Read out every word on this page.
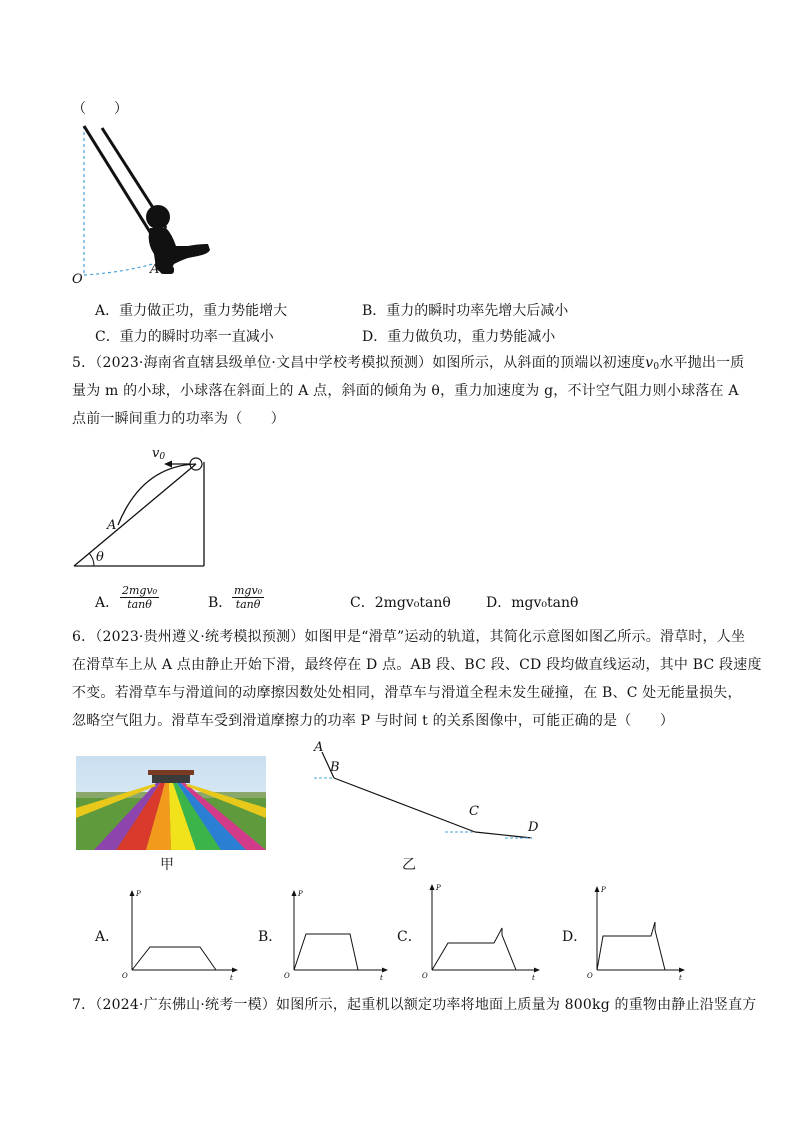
（　　）
O
A
A．重力做正功，重力势能增大	B．重力的瞬时功率先增大后减小
C．重力的瞬时功率一直减小	D．重力做负功，重力势能减小
5．（2023·海南省直辖县级单位·文昌中学校考模拟预测）如图所示，从斜面的顶端以初速度$v_0$水平抛出一质
量为 m 的小球，小球落在斜面上的 A 点，斜面的倾角为 θ，重力加速度为 g，不计空气阻力则小球落在 A
点前一瞬间重力的功率为（　　）
$v_0$
A
θ
A．
2mgv₀
tanθ	B．
mgv₀
tanθ	C．2mgv₀tanθ	D．mgv₀tanθ
6．（2023·贵州遵义·统考模拟预测）如图甲是“滑草”运动的轨道，其简化示意图如图乙所示。滑草时，人坐
在滑草车上从 A 点由静止开始下滑，最终停在 D 点。AB 段、BC 段、CD 段均做直线运动，其中 BC 段速度
不变。若滑草车与滑道间的动摩擦因数处处相同，滑草车与滑道全程未发生碰撞，在 B、C 处无能量损失，
忽略空气阻力。滑草车受到滑道摩擦力的功率 P 与时间 t 的关系图像中，可能正确的是（　　）
甲
A
B
C
D
乙
A．
P
t
O
B．
P
t
O
C．
P
t
O
D．
P
t
O
7．（2024·广东佛山·统考一模）如图所示，起重机以额定功率将地面上质量为 800kg 的重物由静止沿竖直方
